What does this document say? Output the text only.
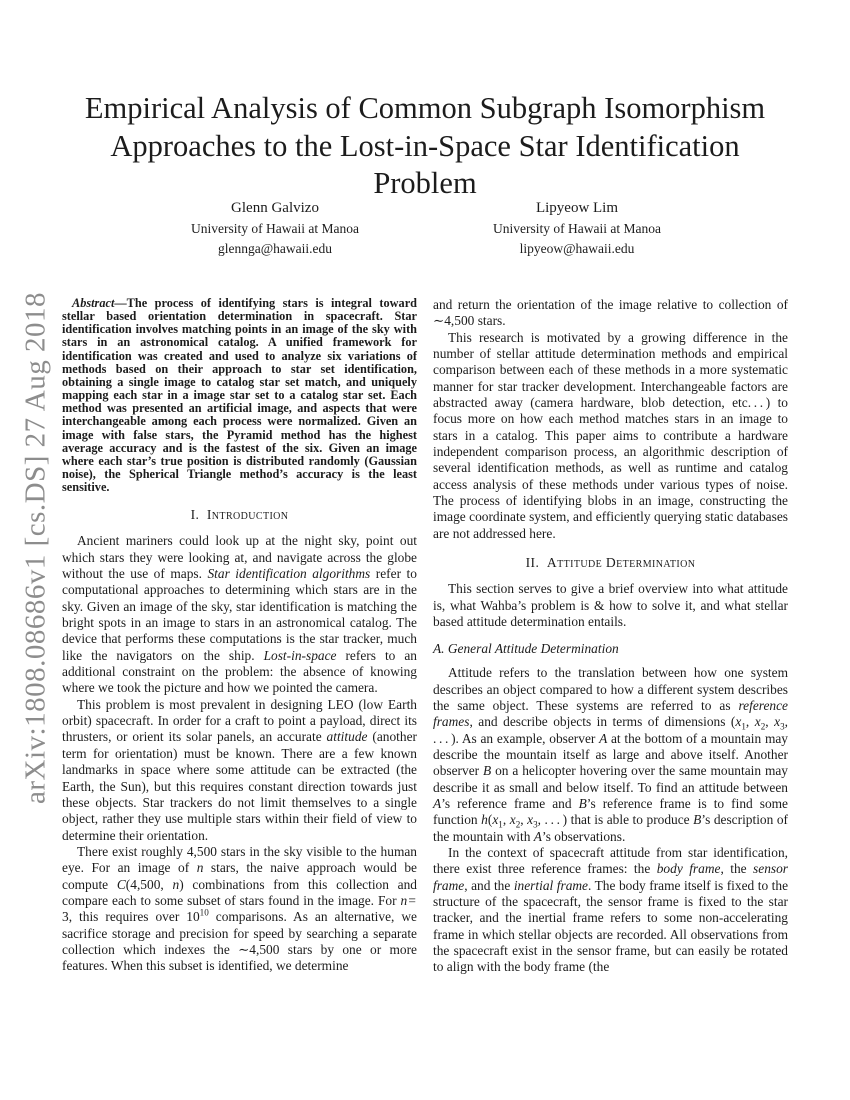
arXiv:1808.08686v1 [cs.DS] 27 Aug 2018
Empirical Analysis of Common Subgraph Isomorphism Approaches to the Lost-in-Space Star Identification Problem
Glenn Galvizo
University of Hawaii at Manoa
glennga@hawaii.edu
Lipyeow Lim
University of Hawaii at Manoa
lipyeow@hawaii.edu
Abstract—The process of identifying stars is integral toward stellar based orientation determination in spacecraft. Star identification involves matching points in an image of the sky with stars in an astronomical catalog. A unified framework for identification was created and used to analyze six variations of methods based on their approach to star set identification, obtaining a single image to catalog star set match, and uniquely mapping each star in a image star set to a catalog star set. Each method was presented an artificial image, and aspects that were interchangeable among each process were normalized. Given an image with false stars, the Pyramid method has the highest average accuracy and is the fastest of the six. Given an image where each star’s true position is distributed randomly (Gaussian noise), the Spherical Triangle method’s accuracy is the least sensitive.
I.  Introduction
Ancient mariners could look up at the night sky, point out which stars they were looking at, and navigate across the globe without the use of maps. Star identification algorithms refer to computational approaches to determining which stars are in the sky. Given an image of the sky, star identification is matching the bright spots in an image to stars in an astronomical catalog. The device that performs these computations is the star tracker, much like the navigators on the ship. Lost-in-space refers to an additional constraint on the problem: the absence of knowing where we took the picture and how we pointed the camera.
This problem is most prevalent in designing LEO (low Earth orbit) spacecraft. In order for a craft to point a payload, direct its thrusters, or orient its solar panels, an accurate attitude (another term for orientation) must be known. There are a few known landmarks in space where some attitude can be extracted (the Earth, the Sun), but this requires constant direction towards just these objects. Star trackers do not limit themselves to a single object, rather they use multiple stars within their field of view to determine their orientation.
There exist roughly 4,500 stars in the sky visible to the human eye. For an image of n stars, the naive approach would be compute C(4,500, n) combinations from this collection and compare each to some subset of stars found in the image. For n = 3, this requires over $10^{10}$ comparisons. As an alternative, we sacrifice storage and precision for speed by searching a separate collection which indexes the ∼4,500 stars by one or more features. When this subset is identified, we determine
and return the orientation of the image relative to collection of ∼4,500 stars.
This research is motivated by a growing difference in the number of stellar attitude determination methods and empirical comparison between each of these methods in a more systematic manner for star tracker development. Interchangeable factors are abstracted away (camera hardware, blob detection, etc. . . ) to focus more on how each method matches stars in an image to stars in a catalog. This paper aims to contribute a hardware independent comparison process, an algorithmic description of several identification methods, as well as runtime and catalog access analysis of these methods under various types of noise. The process of identifying blobs in an image, constructing the image coordinate system, and efficiently querying static databases are not addressed here.
II.  Attitude Determination
This section serves to give a brief overview into what attitude is, what Wahba’s problem is & how to solve it, and what stellar based attitude determination entails.
A. General Attitude Determination
Attitude refers to the translation between how one system describes an object compared to how a different system describes the same object. These systems are referred to as reference frames, and describe objects in terms of dimensions ($x_1$, $x_2$, $x_3$, . . . ). As an example, observer A at the bottom of a mountain may describe the mountain itself as large and above itself. Another observer B on a helicopter hovering over the same mountain may describe it as small and below itself. To find an attitude between A’s reference frame and B’s reference frame is to find some function $h(x_1$, $x_2$, $x_3$, . . . ) that is able to produce B’s description of the mountain with A’s observations.
In the context of spacecraft attitude from star identification, there exist three reference frames: the body frame, the sensor frame, and the inertial frame. The body frame itself is fixed to the structure of the spacecraft, the sensor frame is fixed to the star tracker, and the inertial frame refers to some non-accelerating frame in which stellar objects are recorded. All observations from the spacecraft exist in the sensor frame, but can easily be rotated to align with the body frame (the
